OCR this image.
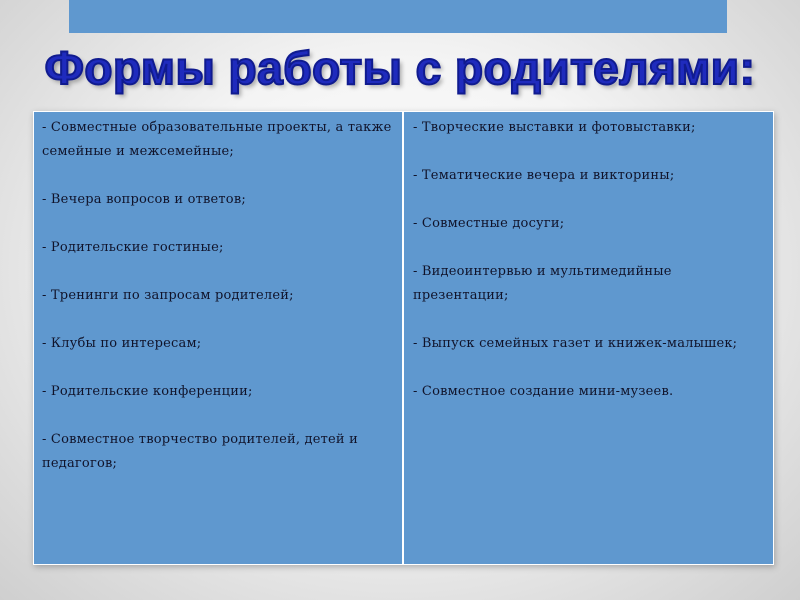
Формы работы с родителями:
- Совместные образовательные проекты, а также семейные и межсемейные;
- Вечера вопросов и ответов;
- Родительские гостиные;
- Тренинги по запросам родителей;
- Клубы по интересам;
- Родительские конференции;
- Совместное творчество родителей, детей и педагогов;
- Творческие выставки и фотовыставки;
- Тематические вечера и викторины;
- Совместные досуги;
- Видеоинтервью и мультимедийные презентации;
- Выпуск семейных газет и книжек-малышек;
- Совместное создание мини-музеев.
